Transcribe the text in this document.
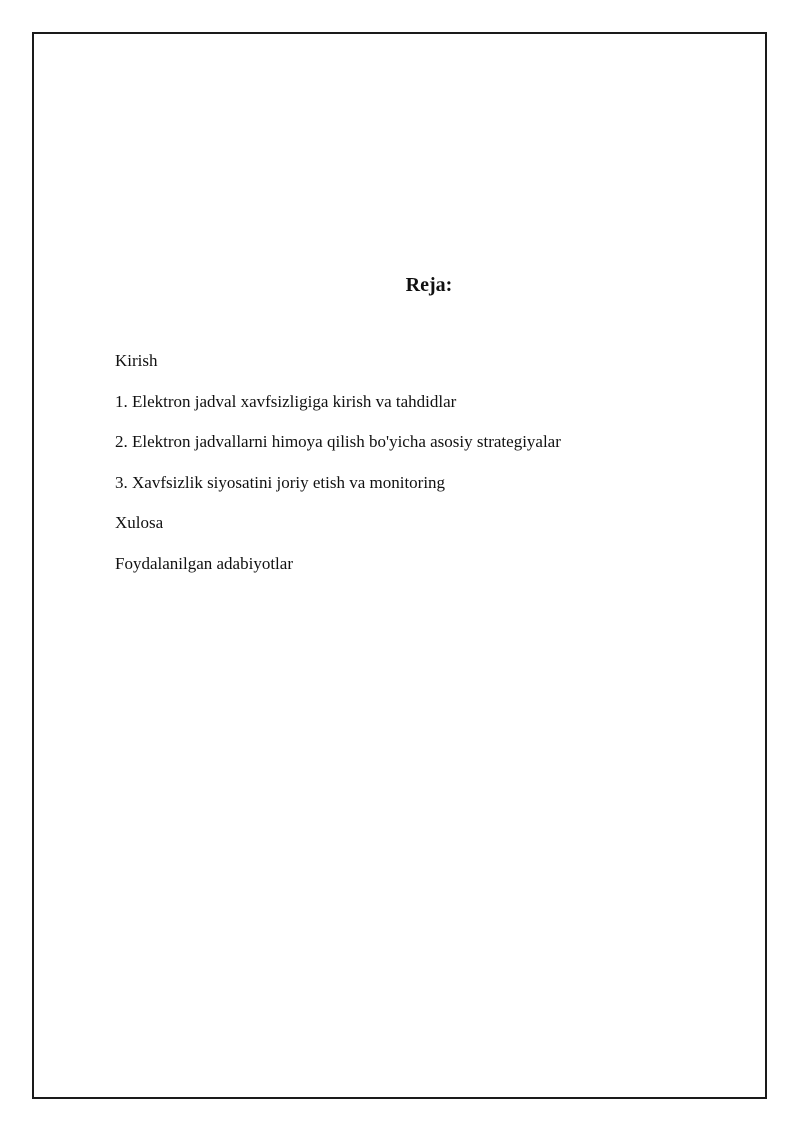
Reja:
Kirish
1. Elektron jadval xavfsizligiga kirish va tahdidlar
2. Elektron jadvallarni himoya qilish bo'yicha asosiy strategiyalar
3. Xavfsizlik siyosatini joriy etish va monitoring
Xulosa
Foydalanilgan adabiyotlar
